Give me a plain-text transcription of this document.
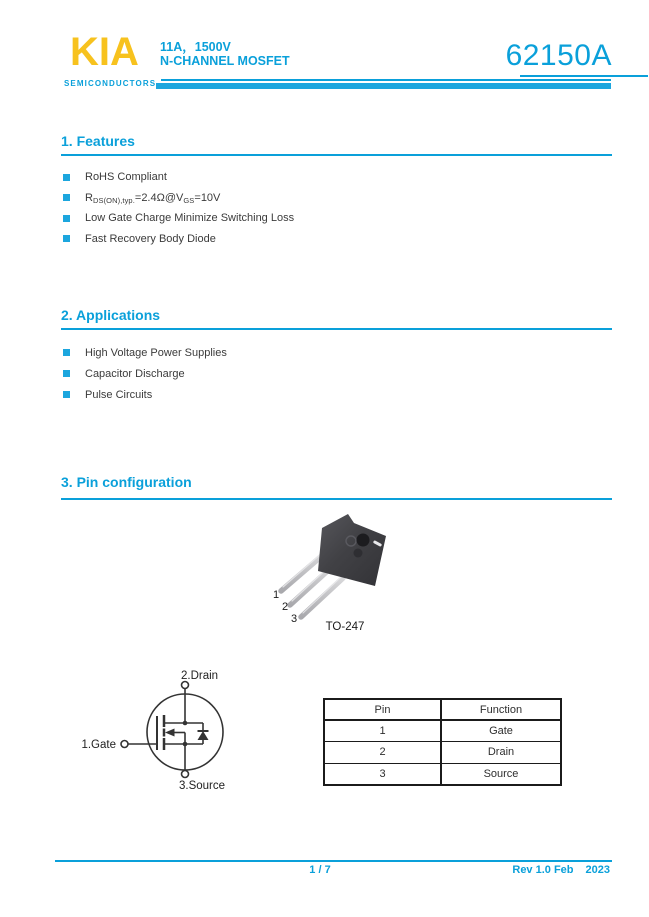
KIA
SEMICONDUCTORS
11A，1500V
N-CHANNEL MOSFET	62150A
1. Features
RoHS Compliant
R DS(ON),typ. =2.4Ω@V GS =10V
Low Gate Charge Minimize Switching Loss
Fast Recovery Body Diode
2. Applications
High Voltage Power Supplies
Capacitor Discharge
Pulse Circuits
3. Pin configuration
1
2
3
TO-247
2.Drain
1.Gate
3.Source
Pin	Function
1	Gate
2	Drain
3	Source
1 / 7	Rev 1.0 Feb 2023
